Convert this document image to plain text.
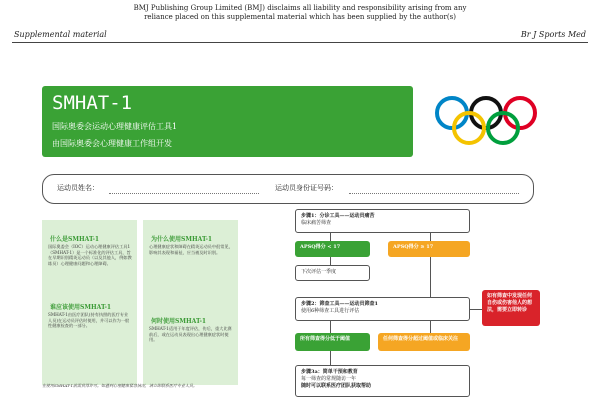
Supplemental material
BMJ Publishing Group Limited (BMJ) disclaims all liability and responsibility arising from any reliance placed on this supplemental material which has been supplied by the author(s)
Br J Sports Med
SMHAT-1
国际奥委会运动心理健康评估工具1
由国际奥委会心理健康工作组开发
运动员姓名：	运动员身份证号码：
什么是SMHAT-1
国际奥委会（IOC）运动心理健康评估工具1（SMHAT-1）是一个标准化的评估工具，旨在早期识别精英运动员（以及其他人，例如教练员）心理健康问题和心理障碍。
谁应该使用SMHAT-1
SMHAT-1由医疗团队(持有执照的医疗专业人员)在运动员评估时使用，并可以作为一般性健康检查的一部分。
为什么使用SMHAT-1
心理健康症状和障碍在精英运动员中很常见，影响其表现和福祉，应当被及时识别。
何时使用SMHAT-1
SMHAT-1适用于年度评估，伤后，重大比赛前后，或在运动员表现出心理健康症状时使用。
在使用SMHAT-1前需获得许可。如遇到心理健康紧急情况，请立即联系医疗专业人员。
步骤1：分诊工具——运动员痛苦
临床痛苦筛查
APSQ得分 < 17	APSQ得分 ≥ 17
下次评估一季度
步骤2：筛查工具——运动员筛查1
使用6种筛查工具进行评估
如有筛查中发现任何自伤或伤害他人的想法，需要立即转诊
所有筛查得分低于阈值	任何筛查得分超过阈值或临床关注
步骤3a：简单干预和教育
每一筛查的常规随访一年
随时可以联系医疗团队获取帮助
